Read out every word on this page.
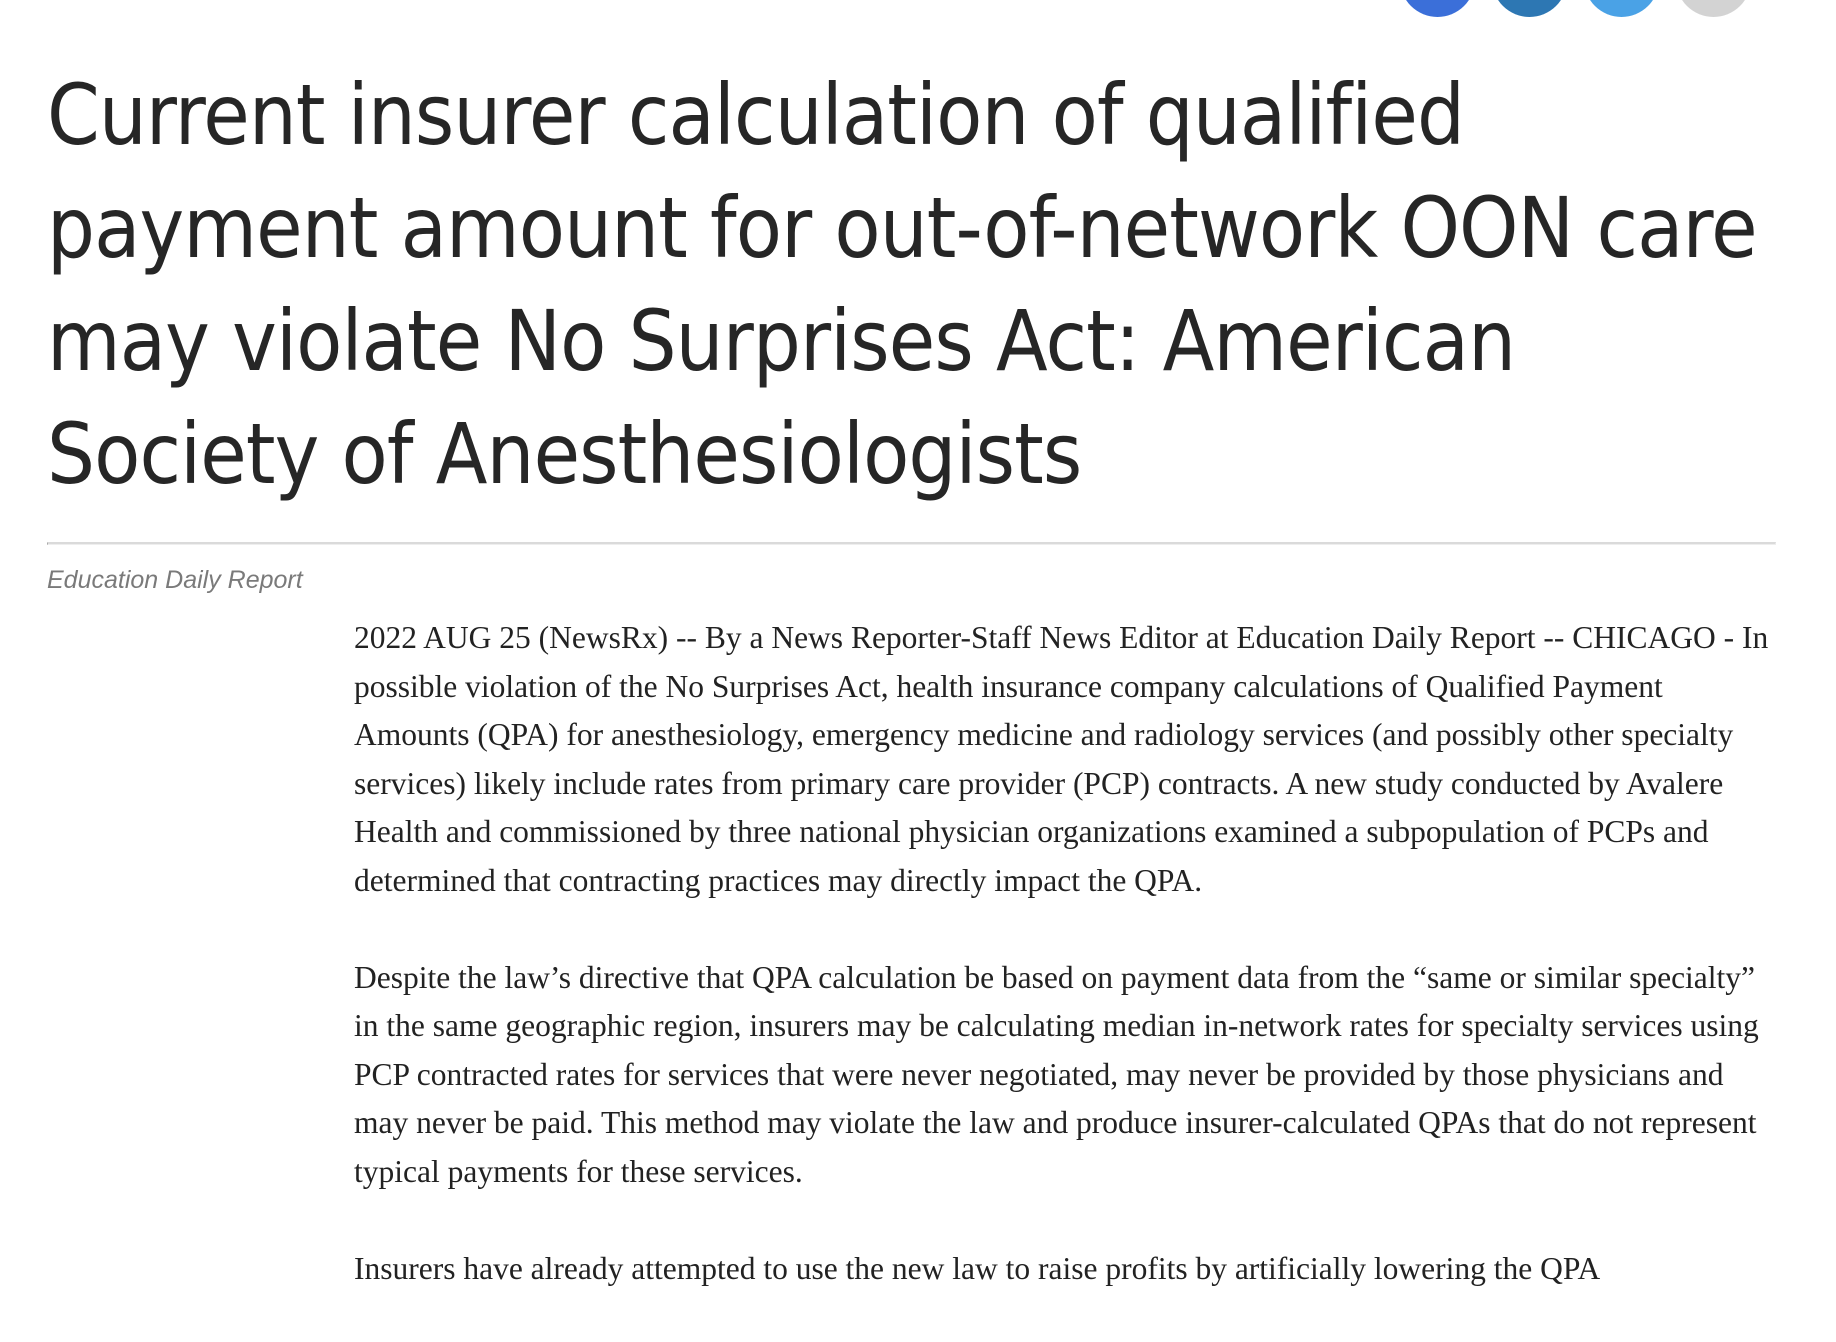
Current insurer calculation of qualified payment amount for out-of-network OON care may violate No Surprises Act: American Society of Anesthesiologists
Education Daily Report

2022 AUG 25 (NewsRx) -- By a News Reporter-Staff News Editor at Education Daily Report -- CHICAGO - In possible violation of the No Surprises Act, health insurance company calculations of Qualified Payment Amounts (QPA) for anesthesiology, emergency medicine and radiology services (and possibly other specialty services) likely include rates from primary care provider (PCP) contracts. A new study conducted by Avalere Health and commissioned by three national physician organizations examined a subpopulation of PCPs and determined that contracting practices may directly impact the QPA.

Despite the law’s directive that QPA calculation be based on payment data from the “same or similar specialty” in the same geographic region, insurers may be calculating median in-network rates for specialty services using PCP contracted rates for services that were never negotiated, may never be provided by those physicians and may never be paid. This method may violate the law and produce insurer-calculated QPAs that do not represent typical payments for these services.

Insurers have already attempted to use the new law to raise profits by artificially lowering the QPA
